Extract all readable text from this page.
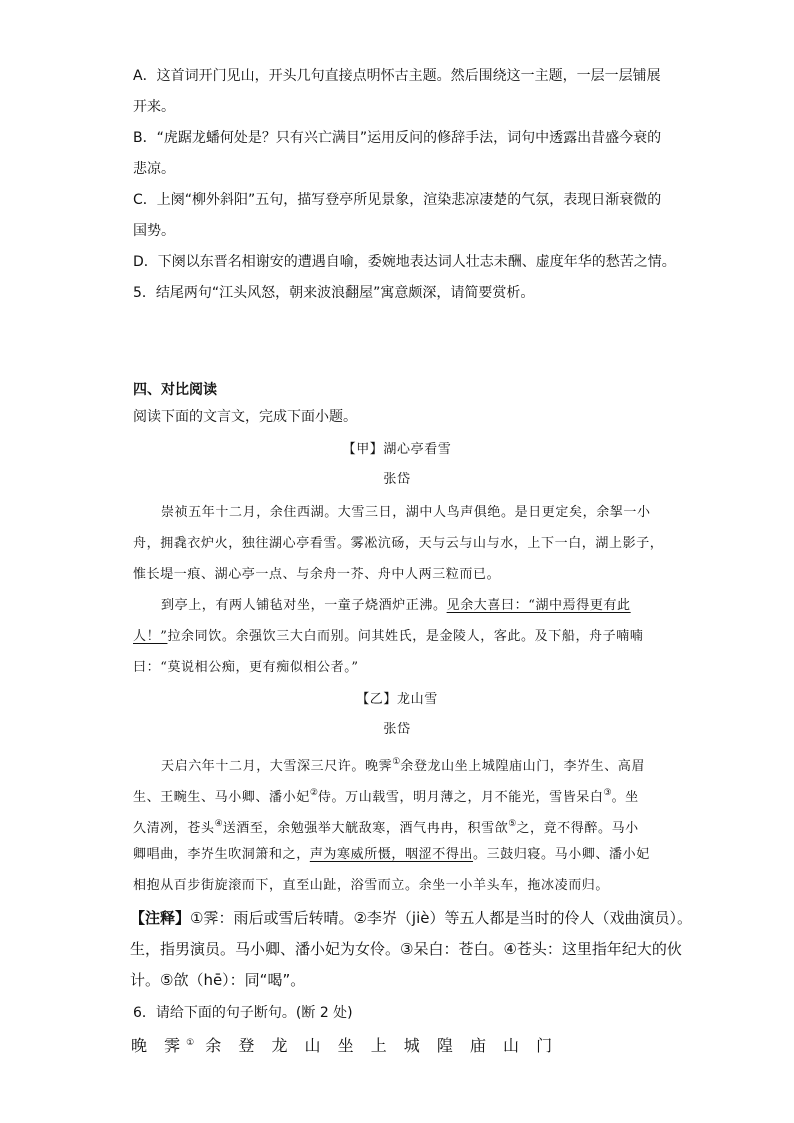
A．这首词开门见山，开头几句直接点明怀古主题。然后围绕这一主题，一层一层铺展
开来。
B．“虎踞龙蟠何处是？只有兴亡满目”运用反问的修辞手法，词句中透露出昔盛今衰的
悲凉。
C．上阕“柳外斜阳”五句，描写登亭所见景象，渲染悲凉凄楚的气氛，表现日渐衰微的
国势。
D．下阕以东晋名相谢安的遭遇自喻，委婉地表达词人壮志未酬、虚度年华的愁苦之情。
5．结尾两句“江头风怒，朝来波浪翻屋”寓意颇深，请简要赏析。
四、对比阅读
阅读下面的文言文，完成下面小题。
【甲】湖心亭看雪
张岱
崇祯五年十二月，余住西湖。大雪三日，湖中人鸟声俱绝。是日更定矣，余挐一小
舟，拥毳衣炉火，独往湖心亭看雪。雾凇沆砀，天与云与山与水，上下一白，湖上影子，
惟长堤一痕、湖心亭一点、与余舟一芥、舟中人两三粒而已。
到亭上，有两人铺毡对坐，一童子烧酒炉正沸。见余大喜曰：“湖中焉得更有此
人！”拉余同饮。余强饮三大白而别。问其姓氏，是金陵人，客此。及下船，舟子喃喃
曰：“莫说相公痴，更有痴似相公者。”
【乙】龙山雪
张岱
天启六年十二月，大雪深三尺许。晚霁①余登龙山坐上城隍庙山门，李岕生、高眉
生、王畹生、马小卿、潘小妃②侍。万山载雪，明月薄之，月不能光，雪皆呆白③。坐
久清冽，苍头④送酒至，余勉强举大觥敌寒，酒气冉冉，积雪欱⑤之，竟不得醉。马小
卿唱曲，李岕生吹洞箫和之，声为寒威所慑，咽涩不得出。三鼓归寝。马小卿、潘小妃
相抱从百步街旋滚而下，直至山趾，浴雪而立。余坐一小羊头车，拖冰凌而归。
【注释】①霁：雨后或雪后转晴。②李岕（jiè）等五人都是当时的伶人（戏曲演员）。
生，指男演员。马小卿、潘小妃为女伶。③呆白：苍白。④苍头：这里指年纪大的伙
计。⑤欱（hē）：同“喝”。
6．请给下面的句子断句。(断 2 处)
晚 霁① 余 登 龙 山 坐 上 城 隍 庙 山 门
